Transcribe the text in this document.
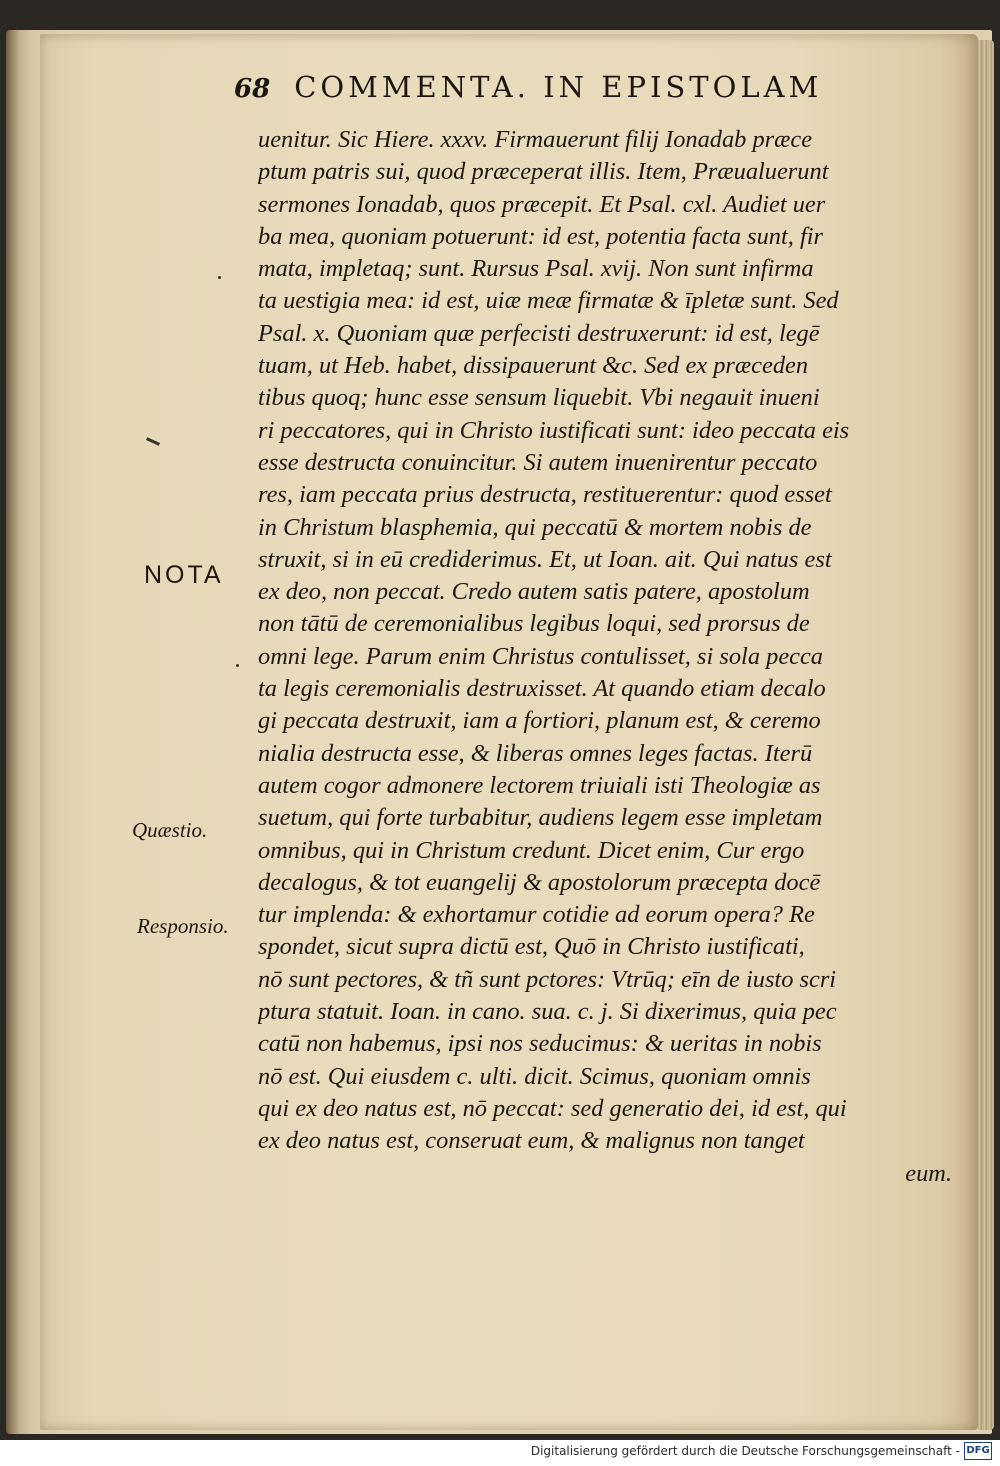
68 COMMENTA. IN EPISTOLAM
uenitur. Sic Hiere. xxxv. Firmauerunt filij Ionadab præce
ptum patris sui, quod præceperat illis. Item, Præualuerunt
sermones Ionadab, quos præcepit. Et Psal. cxl. Audiet uer
ba mea, quoniam potuerunt: id est, potentia facta sunt, fir
mata, impletaq; sunt. Rursus Psal. xvij. Non sunt infirma
ta uestigia mea: id est, uiæ meæ firmatæ & īpletæ sunt. Sed
Psal. x. Quoniam quæ perfecisti destruxerunt: id est, legē
tuam, ut Heb. habet, dissipauerunt &c. Sed ex præceden
tibus quoq; hunc esse sensum liquebit. Vbi negauit inueni
ri peccatores, qui in Christo iustificati sunt: ideo peccata eis
esse destructa conuincitur. Si autem inuenirentur peccato
res, iam peccata prius destructa, restituerentur: quod esset
in Christum blasphemia, qui peccatū & mortem nobis de
struxit, si in eū crediderimus. Et, ut Ioan. ait. Qui natus est
ex deo, non peccat. Credo autem satis patere, apostolum
non tātū de ceremonialibus legibus loqui, sed prorsus de
omni lege. Parum enim Christus contulisset, si sola pecca
ta legis ceremonialis destruxisset. At quando etiam decalo
gi peccata destruxit, iam a fortiori, planum est, & ceremo
nialia destructa esse, & liberas omnes leges factas. Iterū
autem cogor admonere lectorem triuiali isti Theologiæ as
suetum, qui forte turbabitur, audiens legem esse impletam
omnibus, qui in Christum credunt. Dicet enim, Cur ergo
decalogus, & tot euangelij & apostolorum præcepta docē
tur implenda: & exhortamur cotidie ad eorum opera? Re
spondet, sicut supra dictū est, Quō in Christo iustificati,
nō sunt pectores, & tñ sunt pctores: Vtrūq; eīn de iusto scri
ptura statuit. Ioan. in cano. sua. c. j. Si dixerimus, quia pec
catū non habemus, ipsi nos seducimus: & ueritas in nobis
nō est. Qui eiusdem c. ulti. dicit. Scimus, quoniam omnis
qui ex deo natus est, nō peccat: sed generatio dei, id est, qui
ex deo natus est, conseruat eum, & malignus non tanget
eum.
NOTA
Quæstio.
Responsio.
Digitalisierung gefördert durch die Deutsche Forschungsgemeinschaft - DFG
